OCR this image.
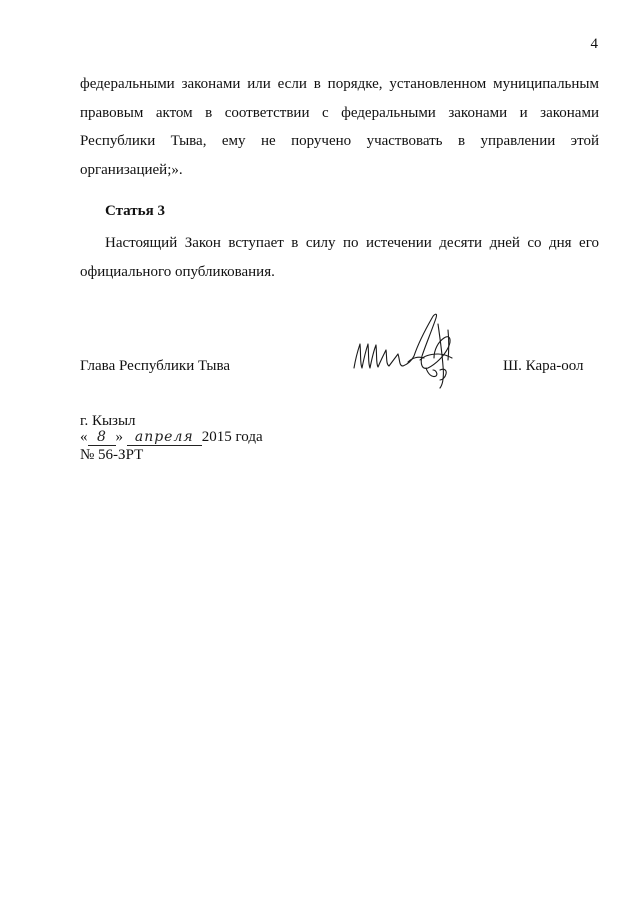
4

федеральными законами или если в порядке, установленном муниципальным
правовым актом в соответствии с федеральными законами и законами
Республики Тыва, ему не поручено участвовать в управлении этой
организацией;».

Статья 3

Настоящий Закон вступает в силу по истечении десяти дней со дня его
официального опубликования.

Глава Республики Тыва	Ш. Кара-оол
г. Кызыл
« 8 » апреля 2015 года
№ 56-ЗРТ
